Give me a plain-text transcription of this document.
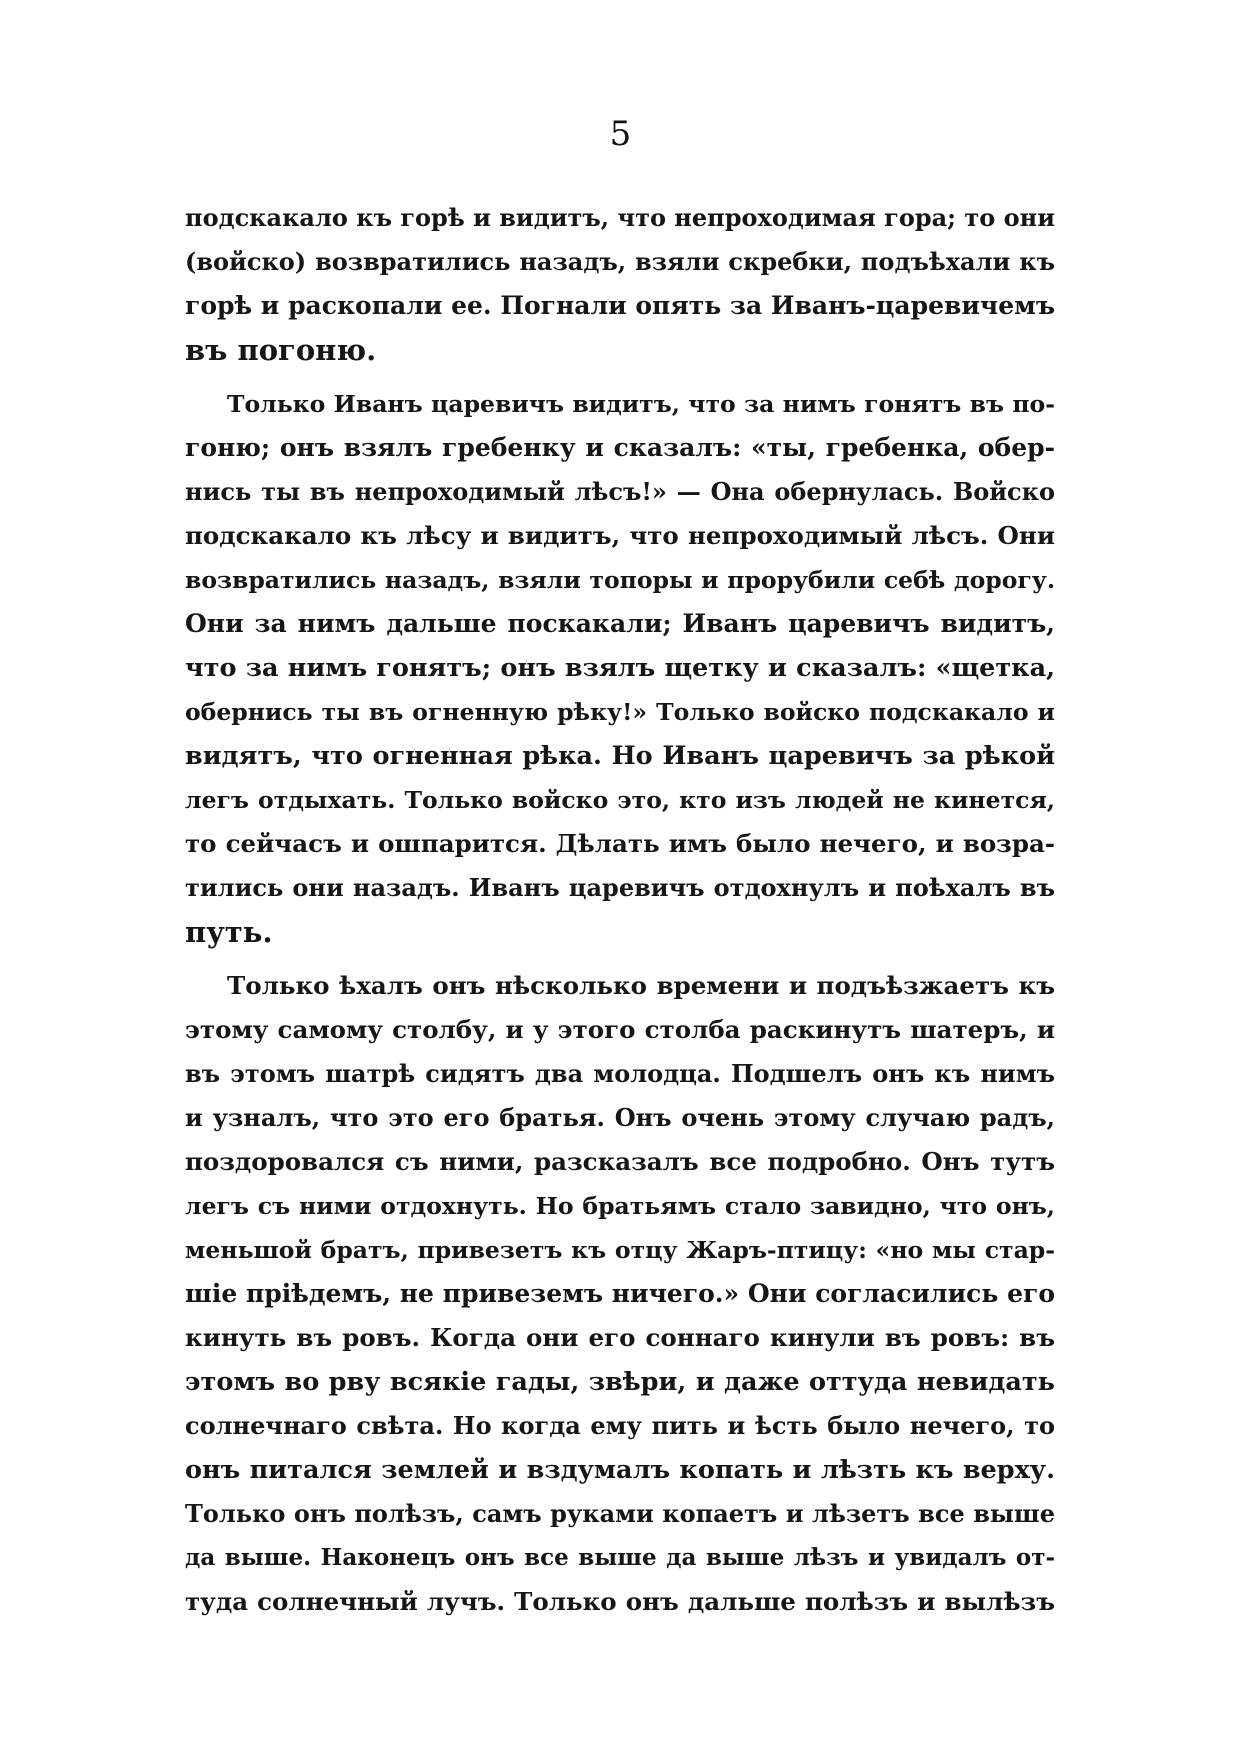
5
подскакало къ горѣ и видитъ, что непроходимая гора; то они
(войско) возвратились назадъ, взяли скребки, подъѣхали къ
горѣ и раскопали ее. Погнали опять за Иванъ-царевичемъ
въ погоню.
Только Иванъ царевичъ видитъ, что за нимъ гонятъ въ по-
гоню; онъ взялъ гребенку и сказалъ: «ты, гребенка, обер-
нись ты въ непроходимый лѣсъ!» — Она обернулась. Войско
подскакало къ лѣсу и видитъ, что непроходимый лѣсъ. Они
возвратились назадъ, взяли топоры и прорубили себѣ дорогу.
Они за нимъ дальше поскакали; Иванъ царевичъ видитъ,
что за нимъ гонятъ; онъ взялъ щетку и сказалъ: «щетка,
обернись ты въ огненную рѣку!» Только войско подскакало и
видятъ, что огненная рѣка. Но Иванъ царевичъ за рѣкой
легъ отдыхать. Только войско это, кто изъ людей не кинется,
то сейчасъ и ошпарится. Дѣлать имъ было нечего, и возра-
тились они назадъ. Иванъ царевичъ отдохнулъ и поѣхалъ въ
путь.
Только ѣхалъ онъ нѣсколько времени и подъѣзжаетъ къ
этому самому столбу, и у этого столба раскинутъ шатеръ, и
въ этомъ шатрѣ сидятъ два молодца. Подшелъ онъ къ нимъ
и узналъ, что это его братья. Онъ очень этому случаю радъ,
поздоровался съ ними, разсказалъ все подробно. Онъ тутъ
легъ съ ними отдохнуть. Но братьямъ стало завидно, что онъ,
меньшой братъ, привезетъ къ отцу Жаръ-птицу: «но мы стар-
шіе пріѣдемъ, не привеземъ ничего.» Они согласились его
кинуть въ ровъ. Когда они его соннаго кинули въ ровъ: въ
этомъ во рву всякіе гады, звѣри, и даже оттуда невидать
солнечнаго свѣта. Но когда ему пить и ѣсть было нечего, то
онъ питался землей и вздумалъ копать и лѣзть къ верху.
Только онъ полѣзъ, самъ руками копаетъ и лѣзетъ все выше
да выше. Наконецъ онъ все выше да выше лѣзъ и увидалъ от-
туда солнечный лучъ. Только онъ дальше полѣзъ и вылѣзъ
